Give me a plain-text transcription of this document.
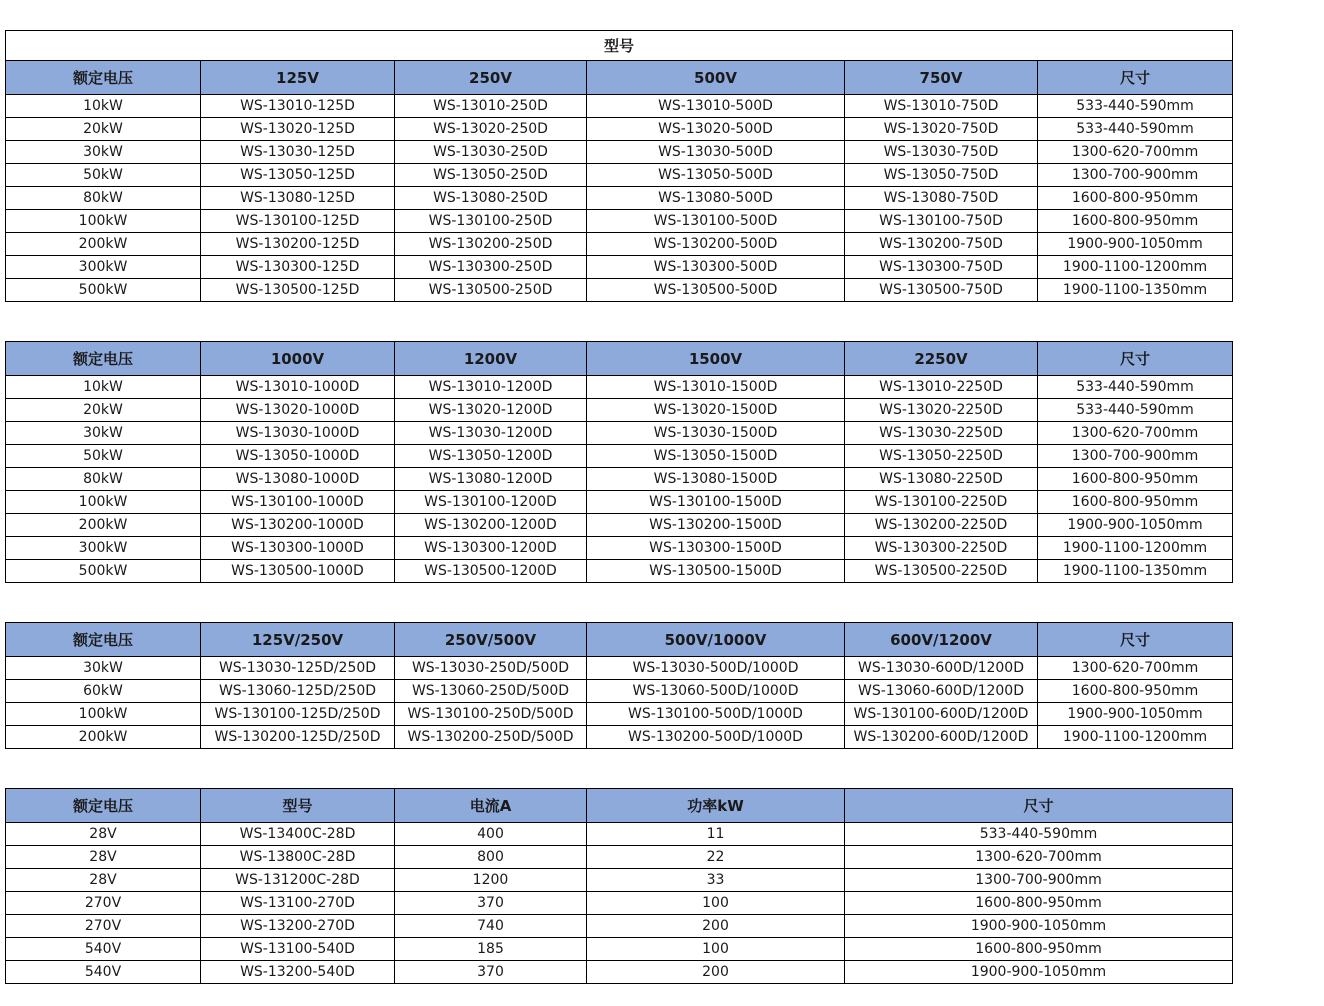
型号					
额定电压	125V	250V	500V	750V	尺寸
10kW	WS-13010-125D	WS-13010-250D	WS-13010-500D	WS-13010-750D	533-440-590mm
20kW	WS-13020-125D	WS-13020-250D	WS-13020-500D	WS-13020-750D	533-440-590mm
30kW	WS-13030-125D	WS-13030-250D	WS-13030-500D	WS-13030-750D	1300-620-700mm
50kW	WS-13050-125D	WS-13050-250D	WS-13050-500D	WS-13050-750D	1300-700-900mm
80kW	WS-13080-125D	WS-13080-250D	WS-13080-500D	WS-13080-750D	1600-800-950mm
100kW	WS-130100-125D	WS-130100-250D	WS-130100-500D	WS-130100-750D	1600-800-950mm
200kW	WS-130200-125D	WS-130200-250D	WS-130200-500D	WS-130200-750D	1900-900-1050mm
300kW	WS-130300-125D	WS-130300-250D	WS-130300-500D	WS-130300-750D	1900-1100-1200mm
500kW	WS-130500-125D	WS-130500-250D	WS-130500-500D	WS-130500-750D	1900-1100-1350mm
额定电压	1000V	1200V	1500V	2250V	尺寸
10kW	WS-13010-1000D	WS-13010-1200D	WS-13010-1500D	WS-13010-2250D	533-440-590mm
20kW	WS-13020-1000D	WS-13020-1200D	WS-13020-1500D	WS-13020-2250D	533-440-590mm
30kW	WS-13030-1000D	WS-13030-1200D	WS-13030-1500D	WS-13030-2250D	1300-620-700mm
50kW	WS-13050-1000D	WS-13050-1200D	WS-13050-1500D	WS-13050-2250D	1300-700-900mm
80kW	WS-13080-1000D	WS-13080-1200D	WS-13080-1500D	WS-13080-2250D	1600-800-950mm
100kW	WS-130100-1000D	WS-130100-1200D	WS-130100-1500D	WS-130100-2250D	1600-800-950mm
200kW	WS-130200-1000D	WS-130200-1200D	WS-130200-1500D	WS-130200-2250D	1900-900-1050mm
300kW	WS-130300-1000D	WS-130300-1200D	WS-130300-1500D	WS-130300-2250D	1900-1100-1200mm
500kW	WS-130500-1000D	WS-130500-1200D	WS-130500-1500D	WS-130500-2250D	1900-1100-1350mm
额定电压	125V/250V	250V/500V	500V/1000V	600V/1200V	尺寸
30kW	WS-13030-125D/250D	WS-13030-250D/500D	WS-13030-500D/1000D	WS-13030-600D/1200D	1300-620-700mm
60kW	WS-13060-125D/250D	WS-13060-250D/500D	WS-13060-500D/1000D	WS-13060-600D/1200D	1600-800-950mm
100kW	WS-130100-125D/250D	WS-130100-250D/500D	WS-130100-500D/1000D	WS-130100-600D/1200D	1900-900-1050mm
200kW	WS-130200-125D/250D	WS-130200-250D/500D	WS-130200-500D/1000D	WS-130200-600D/1200D	1900-1100-1200mm
额定电压	型号	电流A	功率kW	尺寸
28V	WS-13400C-28D	400	11	533-440-590mm
28V	WS-13800C-28D	800	22	1300-620-700mm
28V	WS-131200C-28D	1200	33	1300-700-900mm
270V	WS-13100-270D	370	100	1600-800-950mm
270V	WS-13200-270D	740	200	1900-900-1050mm
540V	WS-13100-540D	185	100	1600-800-950mm
540V	WS-13200-540D	370	200	1900-900-1050mm
